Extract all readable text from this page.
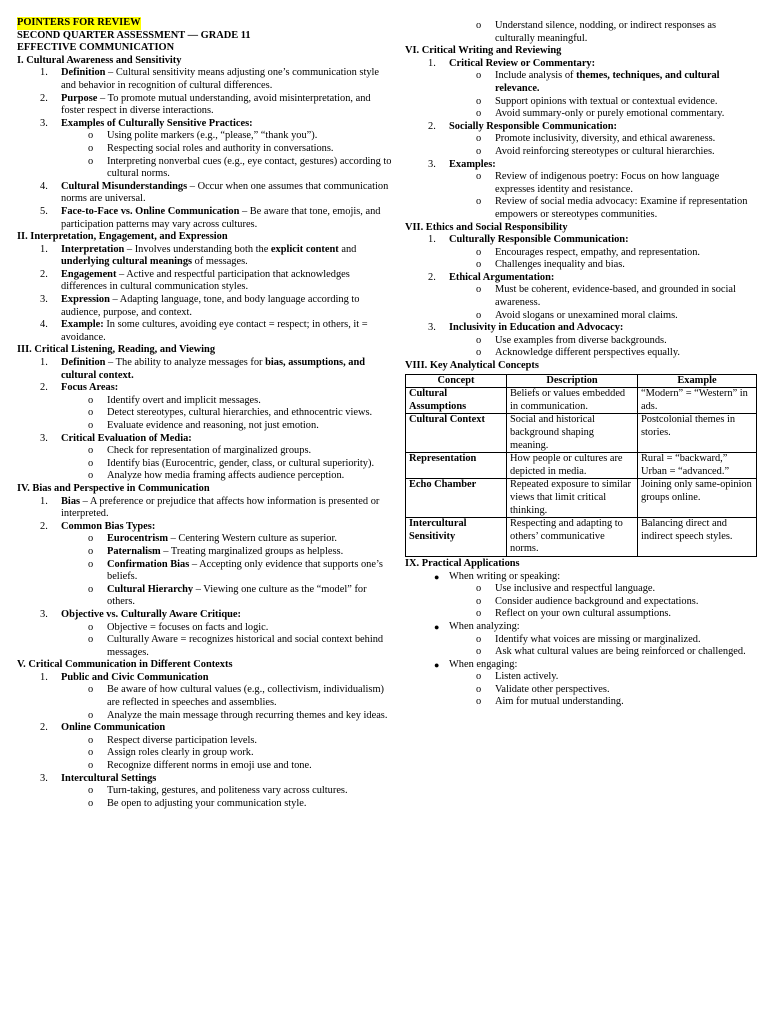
POINTERS FOR REVIEW
SECOND QUARTER ASSESSMENT — GRADE 11
EFFECTIVE COMMUNICATION

I. Cultural Awareness and Sensitivity

1. Definition – Cultural sensitivity means adjusting one’s communication style and behavior in recognition of cultural differences.
2. Purpose – To promote mutual understanding, avoid misinterpretation, and foster respect in diverse interactions.
3. Examples of Culturally Sensitive Practices:
o Using polite markers (e.g., “please,” “thank you”).
o Respecting social roles and authority in conversations.
o Interpreting nonverbal cues (e.g., eye contact, gestures) according to cultural norms.
4. Cultural Misunderstandings – Occur when one assumes that communication norms are universal.
5. Face-to-Face vs. Online Communication – Be aware that tone, emojis, and participation patterns may vary across cultures.

II. Interpretation, Engagement, and Expression

1. Interpretation – Involves understanding both the explicit content and underlying cultural meanings of messages.
2. Engagement – Active and respectful participation that acknowledges differences in cultural communication styles.
3. Expression – Adapting language, tone, and body language according to audience, purpose, and context.
4. Example: In some cultures, avoiding eye contact = respect; in others, it = avoidance.

III. Critical Listening, Reading, and Viewing

1. Definition – The ability to analyze messages for bias, assumptions, and cultural context.
2. Focus Areas:
o Identify overt and implicit messages.
o Detect stereotypes, cultural hierarchies, and ethnocentric views.
o Evaluate evidence and reasoning, not just emotion.
3. Critical Evaluation of Media:
o Check for representation of marginalized groups.
o Identify bias (Eurocentric, gender, class, or cultural superiority).
o Analyze how media framing affects audience perception.

IV. Bias and Perspective in Communication

1. Bias – A preference or prejudice that affects how information is presented or interpreted.
2. Common Bias Types:
o Eurocentrism – Centering Western culture as superior.
o Paternalism – Treating marginalized groups as helpless.
o Confirmation Bias – Accepting only evidence that supports one’s beliefs.
o Cultural Hierarchy – Viewing one culture as the “model” for others.
3. Objective vs. Culturally Aware Critique:
o Objective = focuses on facts and logic.
o Culturally Aware = recognizes historical and social context behind messages.

V. Critical Communication in Different Contexts

1. Public and Civic Communication
o Be aware of how cultural values (e.g., collectivism, individualism) are reflected in speeches and assemblies.
o Analyze the main message through recurring themes and key ideas.
2. Online Communication
o Respect diverse participation levels.
o Assign roles clearly in group work.
o Recognize different norms in emoji use and tone.
3. Intercultural Settings
o Turn-taking, gestures, and politeness vary across cultures.
o Be open to adjusting your communication style.
o Understand silence, nodding, or indirect responses as culturally meaningful.

VI. Critical Writing and Reviewing

1. Critical Review or Commentary:
o Include analysis of themes, techniques, and cultural relevance.
o Support opinions with textual or contextual evidence.
o Avoid summary-only or purely emotional commentary.
2. Socially Responsible Communication:
o Promote inclusivity, diversity, and ethical awareness.
o Avoid reinforcing stereotypes or cultural hierarchies.
3. Examples:
o Review of indigenous poetry: Focus on how language expresses identity and resistance.
o Review of social media advocacy: Examine if representation empowers or stereotypes communities.

VII. Ethics and Social Responsibility

1. Culturally Responsible Communication:
o Encourages respect, empathy, and representation.
o Challenges inequality and bias.
2. Ethical Argumentation:
o Must be coherent, evidence-based, and grounded in social awareness.
o Avoid slogans or unexamined moral claims.
3. Inclusivity in Education and Advocacy:
o Use examples from diverse backgrounds.
o Acknowledge different perspectives equally.

VIII. Key Analytical Concepts

Concept	Description	Example
Cultural Assumptions	Beliefs or values embedded in communication.	“Modern” = “Western” in ads.
Cultural Context	Social and historical background shaping meaning.	Postcolonial themes in stories.
Representation	How people or cultures are depicted in media.	Rural = “backward,” Urban = “advanced.”
Echo Chamber	Repeated exposure to similar views that limit critical thinking.	Joining only same-opinion groups online.
Intercultural Sensitivity	Respecting and adapting to others’ communicative norms.	Balancing direct and indirect speech styles.

IX. Practical Applications

● When writing or speaking:
o Use inclusive and respectful language.
o Consider audience background and expectations.
o Reflect on your own cultural assumptions.
● When analyzing:
o Identify what voices are missing or marginalized.
o Ask what cultural values are being reinforced or challenged.
● When engaging:
o Listen actively.
o Validate other perspectives.
o Aim for mutual understanding.
